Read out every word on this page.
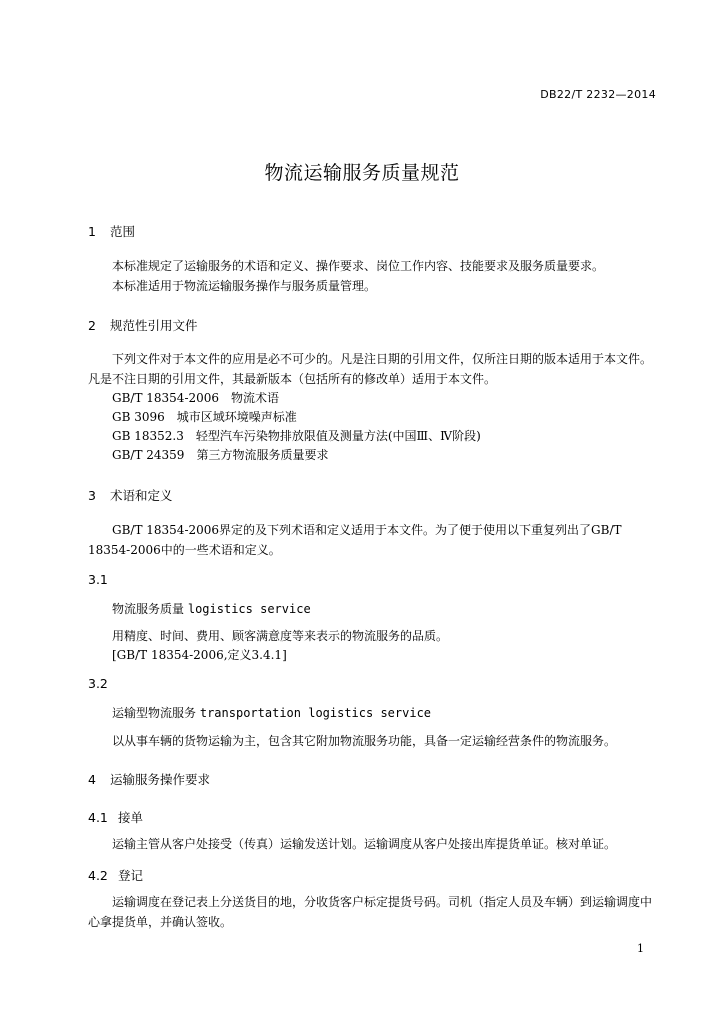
DB22/T 2232—2014
物流运输服务质量规范
1 范围
本标准规定了运输服务的术语和定义、操作要求、岗位工作内容、技能要求及服务质量要求。
本标准适用于物流运输服务操作与服务质量管理。
2 规范性引用文件
下列文件对于本文件的应用是必不可少的。凡是注日期的引用文件，仅所注日期的版本适用于本文件。凡是不注日期的引用文件，其最新版本（包括所有的修改单）适用于本文件。
GB/T 18354-2006　物流术语
GB 3096　城市区域环境噪声标准
GB 18352.3　轻型汽车污染物排放限值及测量方法(中国Ⅲ、Ⅳ阶段)
GB/T 24359　第三方物流服务质量要求
3 术语和定义
GB/T 18354-2006界定的及下列术语和定义适用于本文件。为了便于使用以下重复列出了GB/T 18354-2006中的一些术语和定义。
3.1
物流服务质量 logistics service
用精度、时间、费用、顾客满意度等来表示的物流服务的品质。
[GB/T 18354-2006,定义3.4.1]
3.2
运输型物流服务 transportation logistics service
以从事车辆的货物运输为主，包含其它附加物流服务功能，具备一定运输经营条件的物流服务。
4 运输服务操作要求
4.1 接单
运输主管从客户处接受（传真）运输发送计划。运输调度从客户处接出库提货单证。核对单证。
4.2 登记
运输调度在登记表上分送货目的地，分收货客户标定提货号码。司机（指定人员及车辆）到运输调度中心拿提货单，并确认签收。
1
